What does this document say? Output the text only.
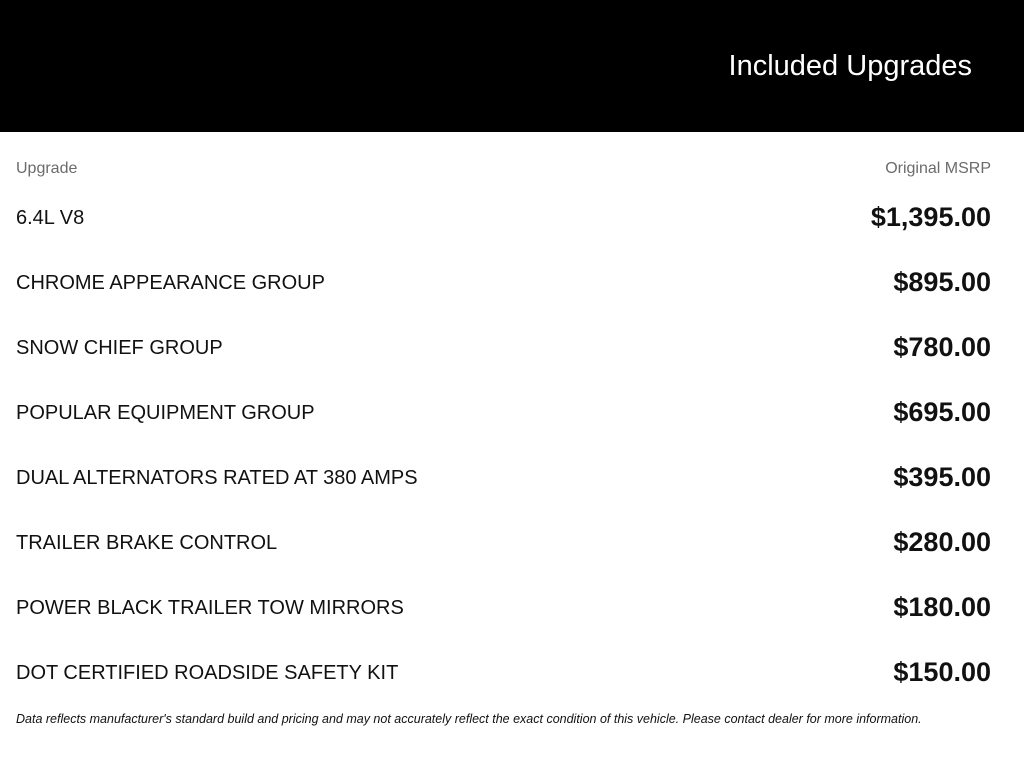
Included Upgrades
Upgrade	Original MSRP
6.4L V8	$1,395.00
CHROME APPEARANCE GROUP	$895.00
SNOW CHIEF GROUP	$780.00
POPULAR EQUIPMENT GROUP	$695.00
DUAL ALTERNATORS RATED AT 380 AMPS	$395.00
TRAILER BRAKE CONTROL	$280.00
POWER BLACK TRAILER TOW MIRRORS	$180.00
DOT CERTIFIED ROADSIDE SAFETY KIT	$150.00
Data reflects manufacturer's standard build and pricing and may not accurately reflect the exact condition of this vehicle. Please contact dealer for more information.
